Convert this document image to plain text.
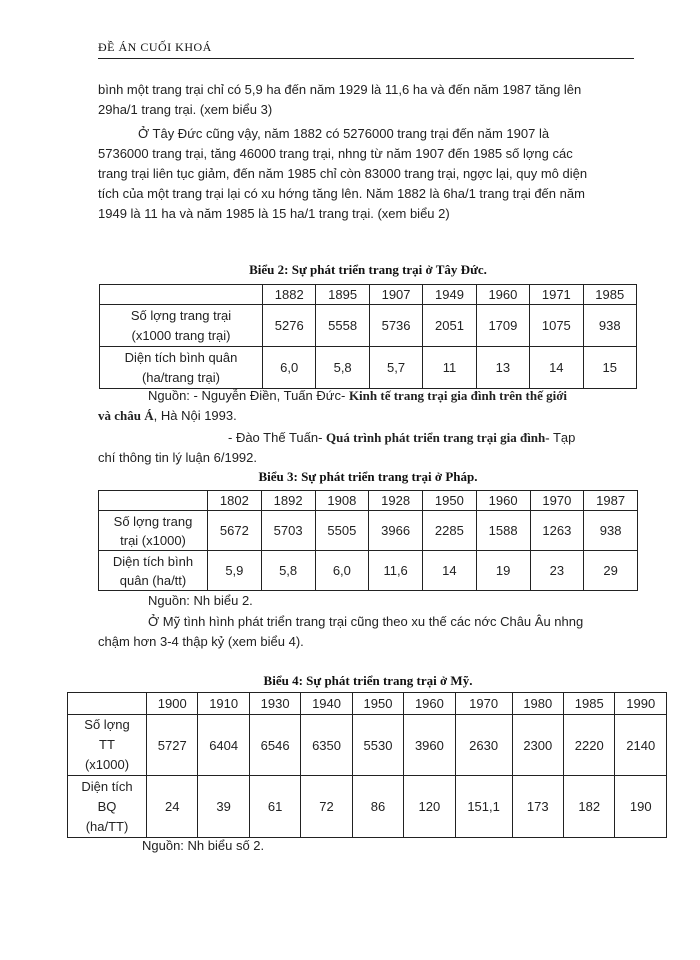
ĐỀ ÁN CUỐI KHOÁ
bình một trang trại chỉ có 5,9 ha đến năm 1929 là 11,6 ha và đến năm 1987 tăng lên
29ha/1 trang trại. (xem biểu 3)
Ở Tây Đức cũng vậy, năm 1882 có 5276000 trang trại đến năm 1907 là
5736000 trang trại, tăng 46000 trang trại, nhng từ năm 1907 đến 1985 số lợng các
trang trại liên tục giảm, đến năm 1985 chỉ còn 83000 trang trại, ngợc lại, quy mô diện
tích của một trang trại lại có xu hớng tăng lên. Năm 1882 là 6ha/1 trang trại đến năm
1949 là 11 ha và năm 1985 là 15 ha/1 trang trại. (xem biểu 2)
Biểu 2: Sự phát triển trang trại ở Tây Đức.
	1882	1895	1907	1949	1960	1971	1985
Số lợng trang trại
(x1000 trang trại)	5276	5558	5736	2051	1709	1075	938
Diện tích bình quân
(ha/trang trại)	6,0	5,8	5,7	11	13	14	15
Nguồn: - Nguyễn Điền, Tuấn Đức- Kinh tế trang trại gia đình trên thế giới
và châu Á, Hà Nội 1993.
- Đào Thế Tuấn- Quá trình phát triển trang trại gia đình- Tạp
chí thông tin lý luận 6/1992.
Biểu 3: Sự phát triển trang trại ở Pháp.
	1802	1892	1908	1928	1950	1960	1970	1987
Số lợng trang
trại (x1000)	5672	5703	5505	3966	2285	1588	1263	938
Diện tích bình
quân (ha/tt)	5,9	5,8	6,0	11,6	14	19	23	29
Nguồn: Nh biểu 2.
Ở Mỹ tình hình phát triển trang trại cũng theo xu thế các nớc Châu Âu nhng
chậm hơn 3-4 thập kỷ (xem biểu 4).
Biểu 4: Sự phát triển trang trại ở Mỹ.
	1900	1910	1930	1940	1950	1960	1970	1980	1985	1990
Số lợng
TT
(x1000)	5727	6404	6546	6350	5530	3960	2630	2300	2220	2140
Diện tích
BQ
(ha/TT)	24	39	61	72	86	120	151,1	173	182	190
Nguồn: Nh biểu số 2.
